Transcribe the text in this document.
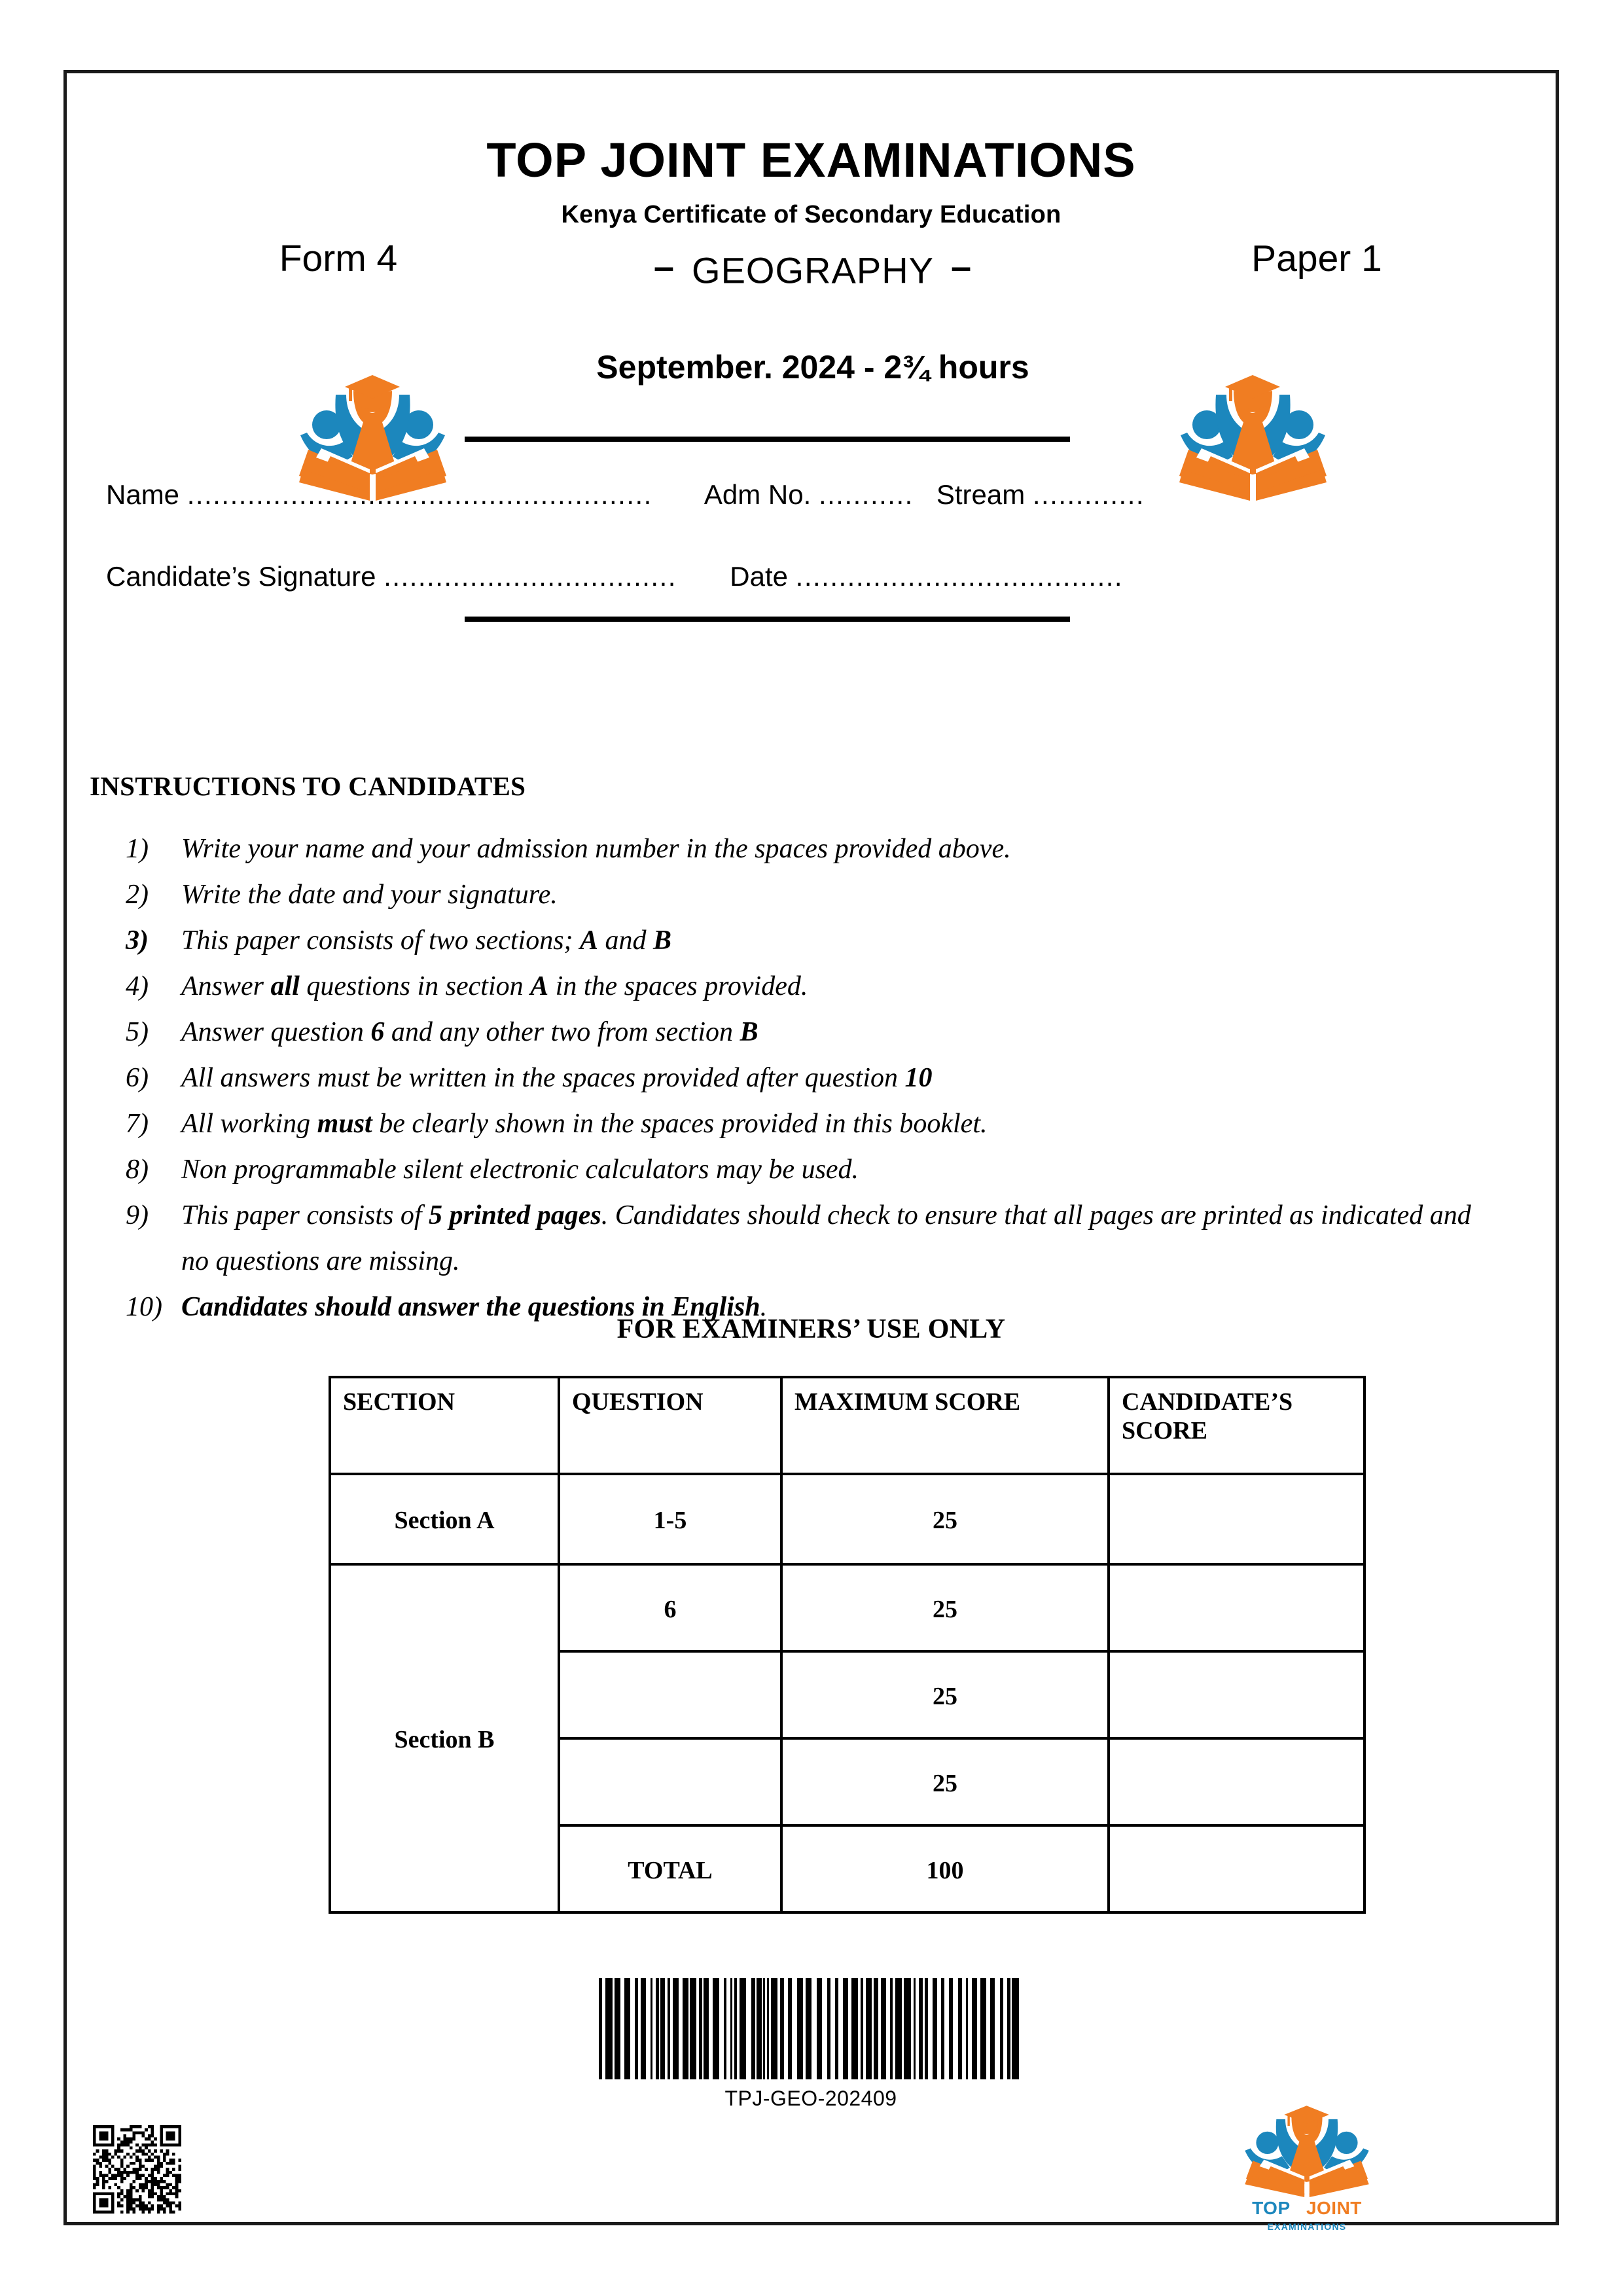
TOP JOINT EXAMINATIONS
Kenya Certificate of Secondary Education
Form 4	Paper 1
– GEOGRAPHY –
September. 2024 - 2¾ hours
Name ...................................................... Adm No. ........... Stream .............
Candidate’s Signature .................................. Date ......................................
INSTRUCTIONS TO CANDIDATES
1)	Write your name and your admission number in the spaces provided above.
2)	Write the date and your signature.
3)	This paper consists of two sections; A and B
4)	Answer all questions in section A in the spaces provided.
5)	Answer question 6 and any other two from section B
6)	All answers must be written in the spaces provided after question 10
7)	All working must be clearly shown in the spaces provided in this booklet.
8)	Non programmable silent electronic calculators may be used.
9)	This paper consists of 5 printed pages. Candidates should check to ensure that all pages are printed as indicated and no questions are missing.
10) Candidates should answer the questions in English.
FOR EXAMINERS’ USE ONLY
SECTION	QUESTION	MAXIMUM SCORE	CANDIDATE’S SCORE
Section A	1-5	25	
Section B	6	25	
		25	
		25	
	TOTAL	100	
TPJ-GEO-202409
TOP JOINT
EXAMINATIONS
